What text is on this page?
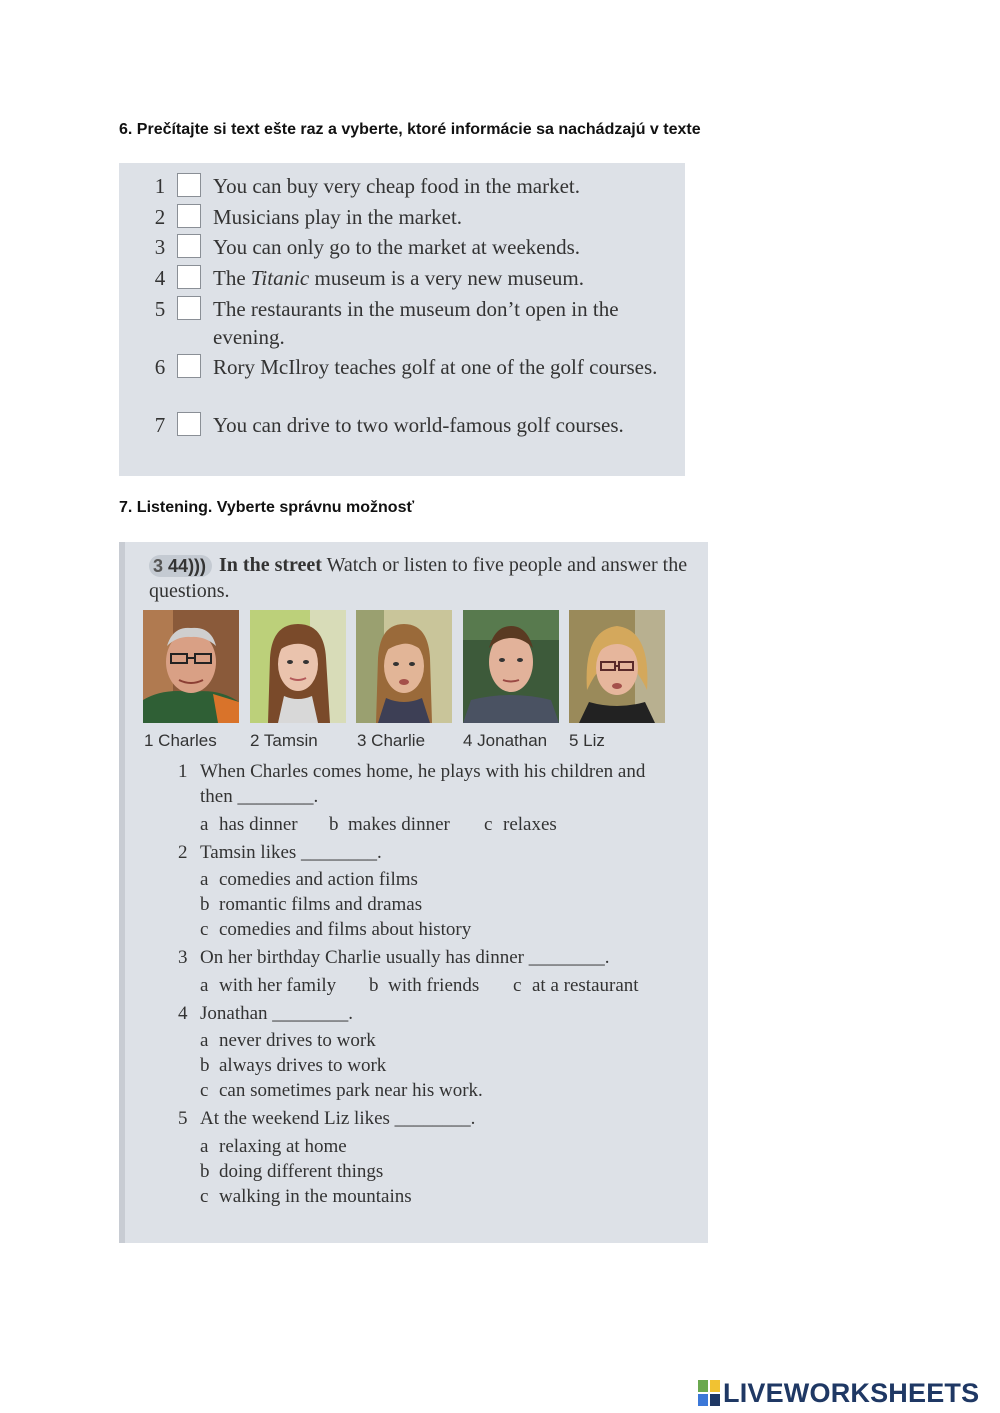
6. Prečítajte si text ešte raz a vyberte, ktoré informácie sa nachádzajú v texte
1 You can buy very cheap food in the market.
2 Musicians play in the market.
3 You can only go to the market at weekends.
4 The Titanic museum is a very new museum.
5 The restaurants in the museum don’t open in the evening.
6 Rory McIlroy teaches golf at one of the golf courses.
7 You can drive to two world-famous golf courses.
7. Listening. Vyberte správnu možnosť
In the street Watch or listen to five people and answer the questions.
3 44)))
1 Charles 2 Tamsin 3 Charlie 4 Jonathan 5 Liz
1 When Charles comes home, he plays with his children and then ________.
a has dinner b makes dinner c relaxes
2 Tamsin likes ________.
a comedies and action films
b romantic films and dramas
c comedies and films about history
3 On her birthday Charlie usually has dinner ________.
a with her family b with friends c at a restaurant
4 Jonathan ________.
a never drives to work
b always drives to work
c can sometimes park near his work.
5 At the weekend Liz likes ________.
a relaxing at home
b doing different things
c walking in the mountains
LIVEWORKSHEETS
